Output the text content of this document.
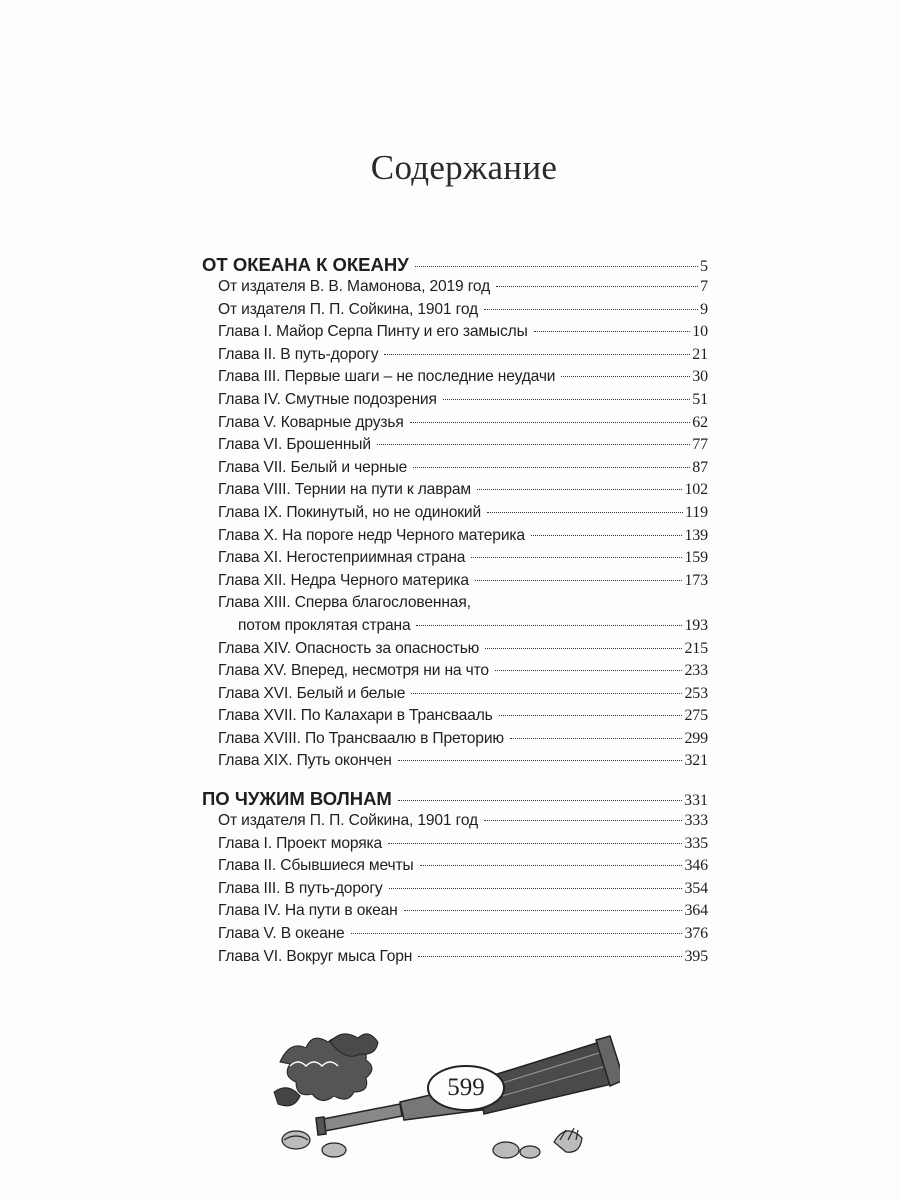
Содержание
ОТ ОКЕАНА К ОКЕАНУ	5
От издателя В. В. Мамонова, 2019 год	7
От издателя П. П. Сойкина, 1901 год	9
Глава I. Майор Серпа Пинту и его замыслы	10
Глава II. В путь-дорогу	21
Глава III. Первые шаги – не последние неудачи	30
Глава IV. Смутные подозрения	51
Глава V. Коварные друзья	62
Глава VI. Брошенный	77
Глава VII. Белый и черные	87
Глава VIII. Тернии на пути к лаврам	102
Глава IX. Покинутый, но не одинокий	119
Глава X. На пороге недр Черного материка	139
Глава XI. Негостеприимная страна	159
Глава XII. Недра Черного материка	173
Глава XIII. Сперва благословенная,
потом проклятая страна	193
Глава XIV. Опасность за опасностью	215
Глава XV. Вперед, несмотря ни на что	233
Глава XVI. Белый и белые	253
Глава XVII. По Калахари в Трансвааль	275
Глава XVIII. По Трансваалю в Преторию	299
Глава XIX. Путь окончен	321
ПО ЧУЖИМ ВОЛНАМ	331
От издателя П. П. Сойкина, 1901 год	333
Глава I. Проект моряка	335
Глава II. Сбывшиеся мечты	346
Глава III. В путь-дорогу	354
Глава IV. На пути в океан	364
Глава V. В океане	376
Глава VI. Вокруг мыса Горн	395
599
